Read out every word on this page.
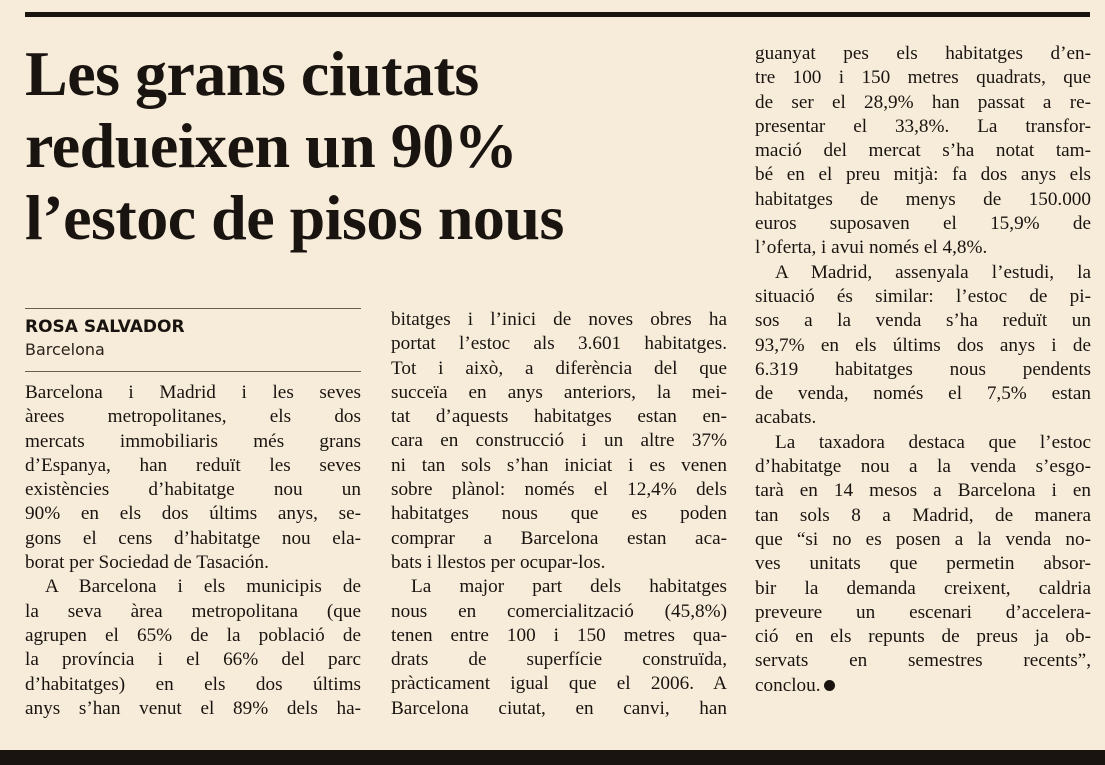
Les grans ciutats
redueixen un 90%
l’estoc de pisos nous
ROSA SALVADOR
Barcelona
Barcelona i Madrid i les seves
àrees metropolitanes, els dos
mercats immobiliaris més grans
d’Espanya, han reduït les seves
existències d’habitatge nou un
90% en els dos últims anys, se-
gons el cens d’habitatge nou ela-
borat per Sociedad de Tasación.
A Barcelona i els municipis de
la seva àrea metropolitana (que
agrupen el 65% de la població de
la província i el 66% del parc
d’habitatges) en els dos últims
anys s’han venut el 89% dels ha-
bitatges i l’inici de noves obres ha
portat l’estoc als 3.601 habitatges.
Tot i això, a diferència del que
succeïa en anys anteriors, la mei-
tat d’aquests habitatges estan en-
cara en construcció i un altre 37%
ni tan sols s’han iniciat i es venen
sobre plànol: només el 12,4% dels
habitatges nous que es poden
comprar a Barcelona estan aca-
bats i llestos per ocupar-los.
La major part dels habitatges
nous en comercialització (45,8%)
tenen entre 100 i 150 metres qua-
drats de superfície construïda,
pràcticament igual que el 2006. A
Barcelona ciutat, en canvi, han
guanyat pes els habitatges d’en-
tre 100 i 150 metres quadrats, que
de ser el 28,9% han passat a re-
presentar el 33,8%. La transfor-
mació del mercat s’ha notat tam-
bé en el preu mitjà: fa dos anys els
habitatges de menys de 150.000
euros suposaven el 15,9% de
l’oferta, i avui només el 4,8%.
A Madrid, assenyala l’estudi, la
situació és similar: l’estoc de pi-
sos a la venda s’ha reduït un
93,7% en els últims dos anys i de
6.319 habitatges nous pendents
de venda, només el 7,5% estan
acabats.
La taxadora destaca que l’estoc
d’habitatge nou a la venda s’esgo-
tarà en 14 mesos a Barcelona i en
tan sols 8 a Madrid, de manera
que “si no es posen a la venda no-
ves unitats que permetin absor-
bir la demanda creixent, caldria
preveure un escenari d’accelera-
ció en els repunts de preus ja ob-
servats en semestres recents”,
conclou.
